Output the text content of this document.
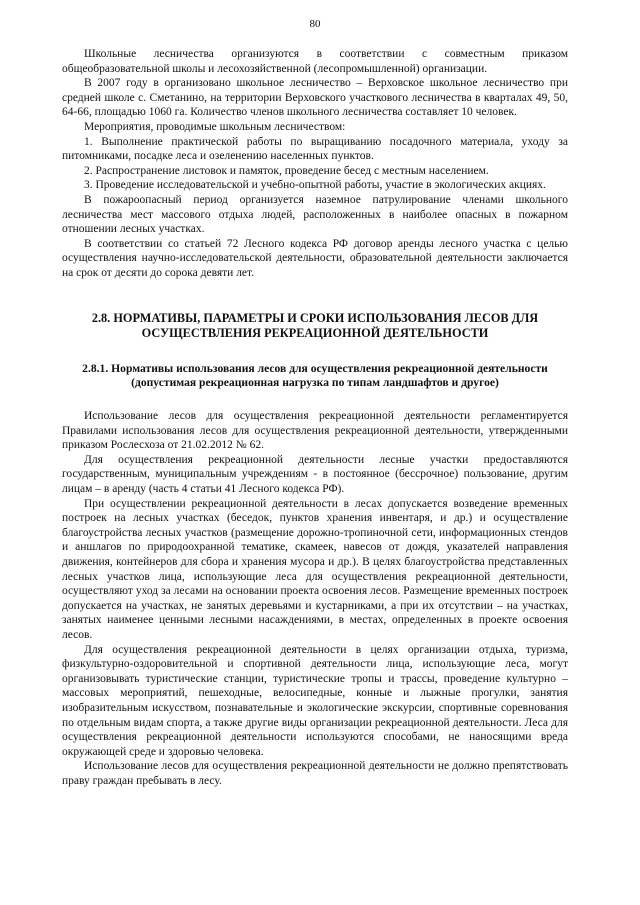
80

Школьные лесничества организуются в соответствии с совместным приказом общеобразовательной школы и лесохозяйственной (лесопромышленной) организации.

В 2007 году в организовано школьное лесничество – Верховское школьное лесничество при средней школе с. Сметанино, на территории Верховского участкового лесничества в кварталах 49, 50, 64-66, площадью 1060 га. Количество членов школьного лесничества составляет 10 человек.

Мероприятия, проводимые школьным лесничеством:

1. Выполнение практической работы по выращиванию посадочного материала, уходу за питомниками, посадке леса и озеленению населенных пунктов.

2. Распространение листовок и памяток, проведение бесед с местным населением.

3. Проведение исследовательской и учебно-опытной работы, участие в экологических акциях.

В пожароопасный период организуется наземное патрулирование членами школьного лесничества мест массового отдыха людей, расположенных в наиболее опасных в пожарном отношении лесных участках.

В соответствии со статьей 72 Лесного кодекса РФ договор аренды лесного участка с целью осуществления научно-исследовательской деятельности, образовательной деятельности заключается на срок от десяти до сорока девяти лет.

2.8. НОРМАТИВЫ, ПАРАМЕТРЫ И СРОКИ ИСПОЛЬЗОВАНИЯ ЛЕСОВ ДЛЯ ОСУЩЕСТВЛЕНИЯ РЕКРЕАЦИОННОЙ ДЕЯТЕЛЬНОСТИ
2.8.1. Нормативы использования лесов для осуществления рекреационной деятельности (допустимая рекреационная нагрузка по типам ландшафтов и другое)

Использование лесов для осуществления рекреационной деятельности регламентируется Правилами использования лесов для осуществления рекреационной деятельности, утвержденными приказом Рослесхоза от 21.02.2012 № 62.

Для осуществления рекреационной деятельности лесные участки предоставляются государственным, муниципальным учреждениям - в постоянное (бессрочное) пользование, другим лицам – в аренду (часть 4 статьи 41 Лесного кодекса РФ).

При осуществлении рекреационной деятельности в лесах допускается возведение временных построек на лесных участках (беседок, пунктов хранения инвентаря, и др.) и осуществление благоустройства лесных участков (размещение дорожно-тропиночной сети, информационных стендов и аншлагов по природоохранной тематике, скамеек, навесов от дождя, указателей направления движения, контейнеров для сбора и хранения мусора и др.). В целях благоустройства представленных лесных участков лица, использующие леса для осуществления рекреационной деятельности, осуществляют уход за лесами на основании проекта освоения лесов. Размещение временных построек допускается на участках, не занятых деревьями и кустарниками, а при их отсутствии – на участках, занятых наименее ценными лесными насаждениями, в местах, определенных в проекте освоения лесов.

Для осуществления рекреационной деятельности в целях организации отдыха, туризма, физкультурно-оздоровительной и спортивной деятельности лица, использующие леса, могут организовывать туристические станции, туристические тропы и трассы, проведение культурно – массовых мероприятий, пешеходные, велосипедные, конные и лыжные прогулки, занятия изобразительным искусством, познавательные и экологические экскурсии, спортивные соревнования по отдельным видам спорта, а также другие виды организации рекреационной деятельности. Леса для осуществления рекреационной деятельности используются способами, не наносящими вреда окружающей среде и здоровью человека.

Использование лесов для осуществления рекреационной деятельности не должно препятствовать праву граждан пребывать в лесу.
